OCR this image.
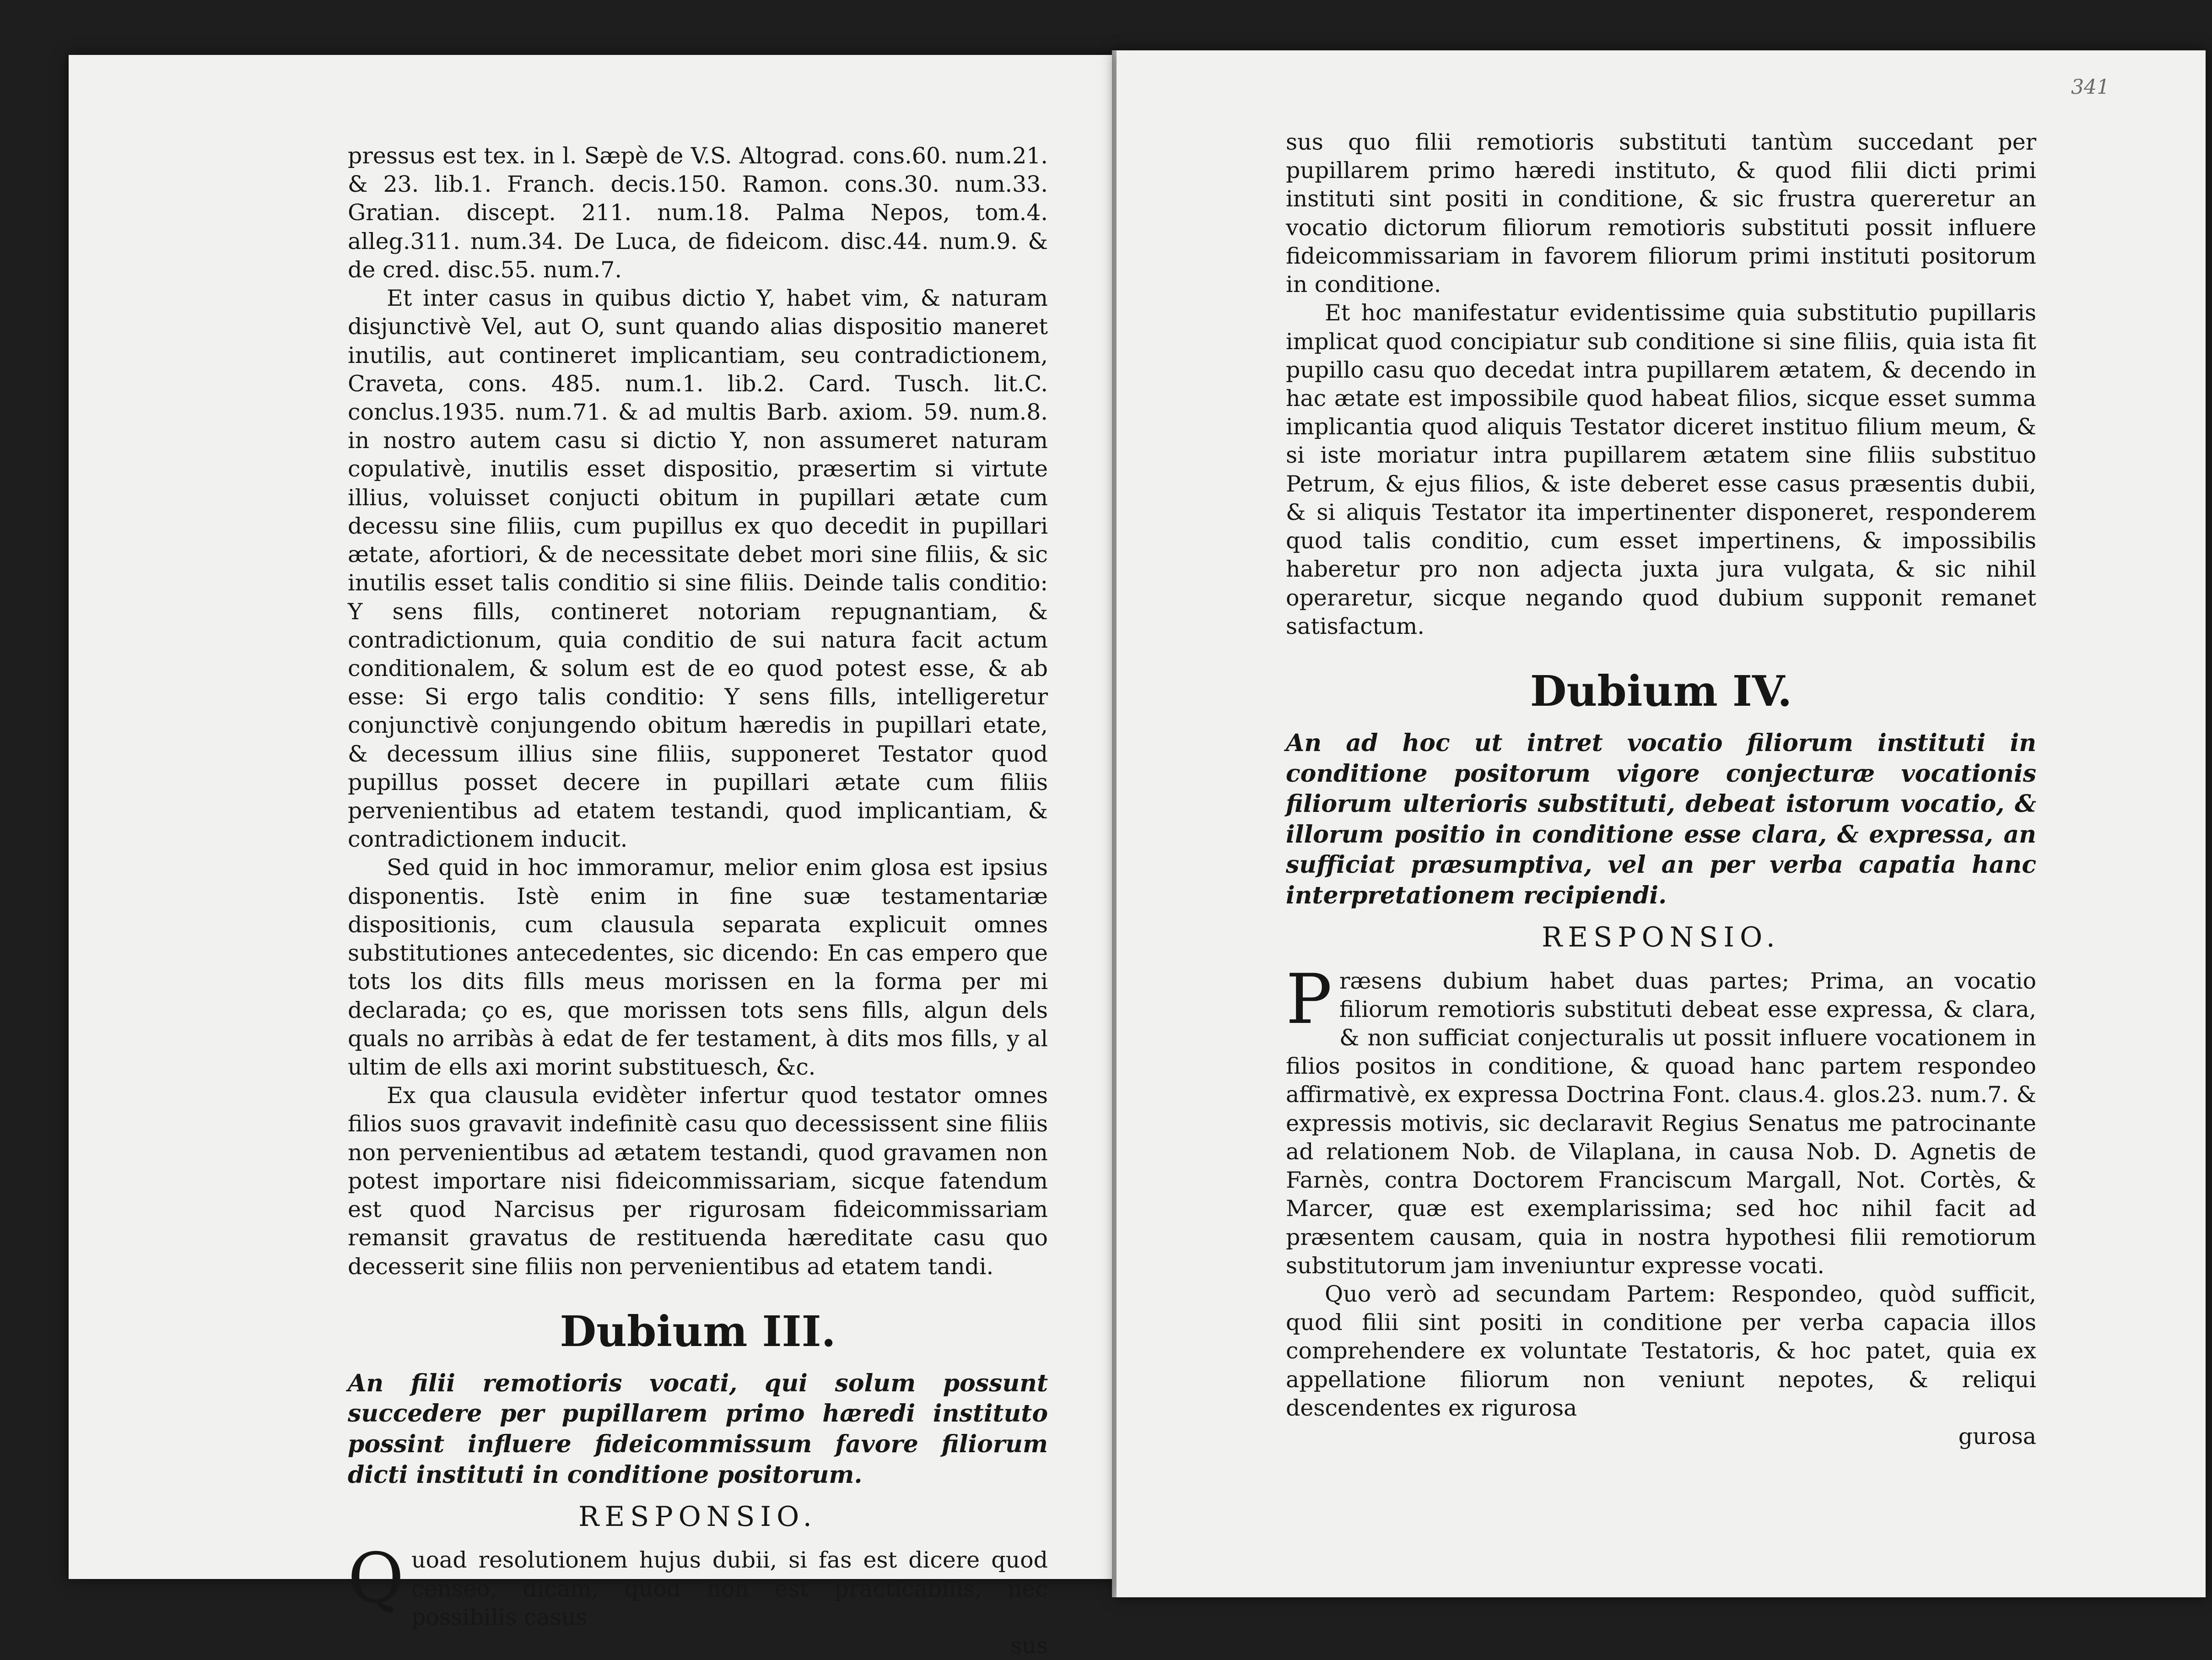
pressus est tex. in l. Sæpè de V.S. Altograd. cons.60. num.21. & 23. lib.1. Franch. decis.150. Ramon. cons.30. num.33. Gratian. discept. 211. num.18. Palma Nepos, tom.4. alleg.311. num.34. De Luca, de fideicom. disc.44. num.9. & de cred. disc.55. num.7.

Et inter casus in quibus dictio Y, habet vim, & naturam disjunctivè Vel, aut O, sunt quando alias dispositio maneret inutilis, aut contineret implicantiam, seu contradictionem, Craveta, cons. 485. num.1. lib.2. Card. Tusch. lit.C. conclus.1935. num.71. & ad multis Barb. axiom. 59. num.8. in nostro autem casu si dictio Y, non assumeret naturam copulativè, inutilis esset dispositio, præsertim si virtute illius, voluisset conjucti obitum in pupillari ætate cum decessu sine filiis, cum pupillus ex quo decedit in pupillari ætate, afortiori, & de necessitate debet mori sine filiis, & sic inutilis esset talis conditio si sine filiis. Deinde talis conditio: Y sens fills, contineret notoriam repugnantiam, & contradictionum, quia conditio de sui natura facit actum conditionalem, & solum est de eo quod potest esse, & ab esse: Si ergo talis conditio: Y sens fills, intelligeretur conjunctivè conjungendo obitum hæredis in pupillari etate, & decessum illius sine filiis, supponeret Testator quod pupillus posset decere in pupillari ætate cum filiis pervenientibus ad etatem testandi, quod implicantiam, & contradictionem inducit.

Sed quid in hoc immoramur, melior enim glosa est ipsius disponentis. Istè enim in fine suæ testamentariæ dispositionis, cum clausula separata explicuit omnes substitutiones antecedentes, sic dicendo: En cas empero que tots los dits fills meus morissen en la forma per mi declarada; ço es, que morissen tots sens fills, algun dels quals no arribàs à edat de fer testament, à dits mos fills, y al ultim de ells axi morint substituesch, &c.

Ex qua clausula evidèter infertur quod testator omnes filios suos gravavit indefinitè casu quo decessissent sine filiis non pervenientibus ad ætatem testandi, quod gravamen non potest importare nisi fideicommissariam, sicque fatendum est quod Narcisus per rigurosam fideicommissariam remansit gravatus de restituenda hæreditate casu quo decesserit sine filiis non pervenientibus ad etatem tandi.

Dubium III.

An filii remotioris vocati, qui solum possunt succedere per pupillarem primo hæredi instituto possint influere fideicommissum favore filiorum dicti instituti in conditione positorum.

RESPONSIO.

Quoad resolutionem hujus dubii, si fas est dicere quod censeo, dicam, quod non est practicabilis, nec possibilis casus

sus

341

sus quo filii remotioris substituti tantùm succedant per pupillarem primo hæredi instituto, & quod filii dicti primi instituti sint positi in conditione, & sic frustra quereretur an vocatio dictorum filiorum remotioris substituti possit influere fideicommissariam in favorem filiorum primi instituti positorum in conditione.

Et hoc manifestatur evidentissime quia substitutio pupillaris implicat quod concipiatur sub conditione si sine filiis, quia ista fit pupillo casu quo decedat intra pupillarem ætatem, & decendo in hac ætate est impossibile quod habeat filios, sicque esset summa implicantia quod aliquis Testator diceret instituo filium meum, & si iste moriatur intra pupillarem ætatem sine filiis substituo Petrum, & ejus filios, & iste deberet esse casus præsentis dubii, & si aliquis Testator ita impertinenter disponeret, responderem quod talis conditio, cum esset impertinens, & impossibilis haberetur pro non adjecta juxta jura vulgata, & sic nihil operaretur, sicque negando quod dubium supponit remanet satisfactum.

Dubium IV.

An ad hoc ut intret vocatio filiorum instituti in conditione positorum vigore conjecturæ vocationis filiorum ulterioris substituti, debeat istorum vocatio, & illorum positio in conditione esse clara, & expressa, an sufficiat præsumptiva, vel an per verba capatia hanc interpretationem recipiendi.

RESPONSIO.

Præsens dubium habet duas partes; Prima, an vocatio filiorum remotioris substituti debeat esse expressa, & clara, & non sufficiat conjecturalis ut possit influere vocationem in filios positos in conditione, & quoad hanc partem respondeo affirmativè, ex expressa Doctrina Font. claus.4. glos.23. num.7. & expressis motivis, sic declaravit Regius Senatus me patrocinante ad relationem Nob. de Vilaplana, in causa Nob. D. Agnetis de Farnès, contra Doctorem Franciscum Margall, Not. Cortès, & Marcer, quæ est exemplarissima; sed hoc nihil facit ad præsentem causam, quia in nostra hypothesi filii remotiorum substitutorum jam inveniuntur expresse vocati.

Quo verò ad secundam Partem: Respondeo, quòd sufficit, quod filii sint positi in conditione per verba capacia illos comprehendere ex voluntate Testatoris, & hoc patet, quia ex appellatione filiorum non veniunt nepotes, & reliqui descendentes ex rigurosa

gurosa
